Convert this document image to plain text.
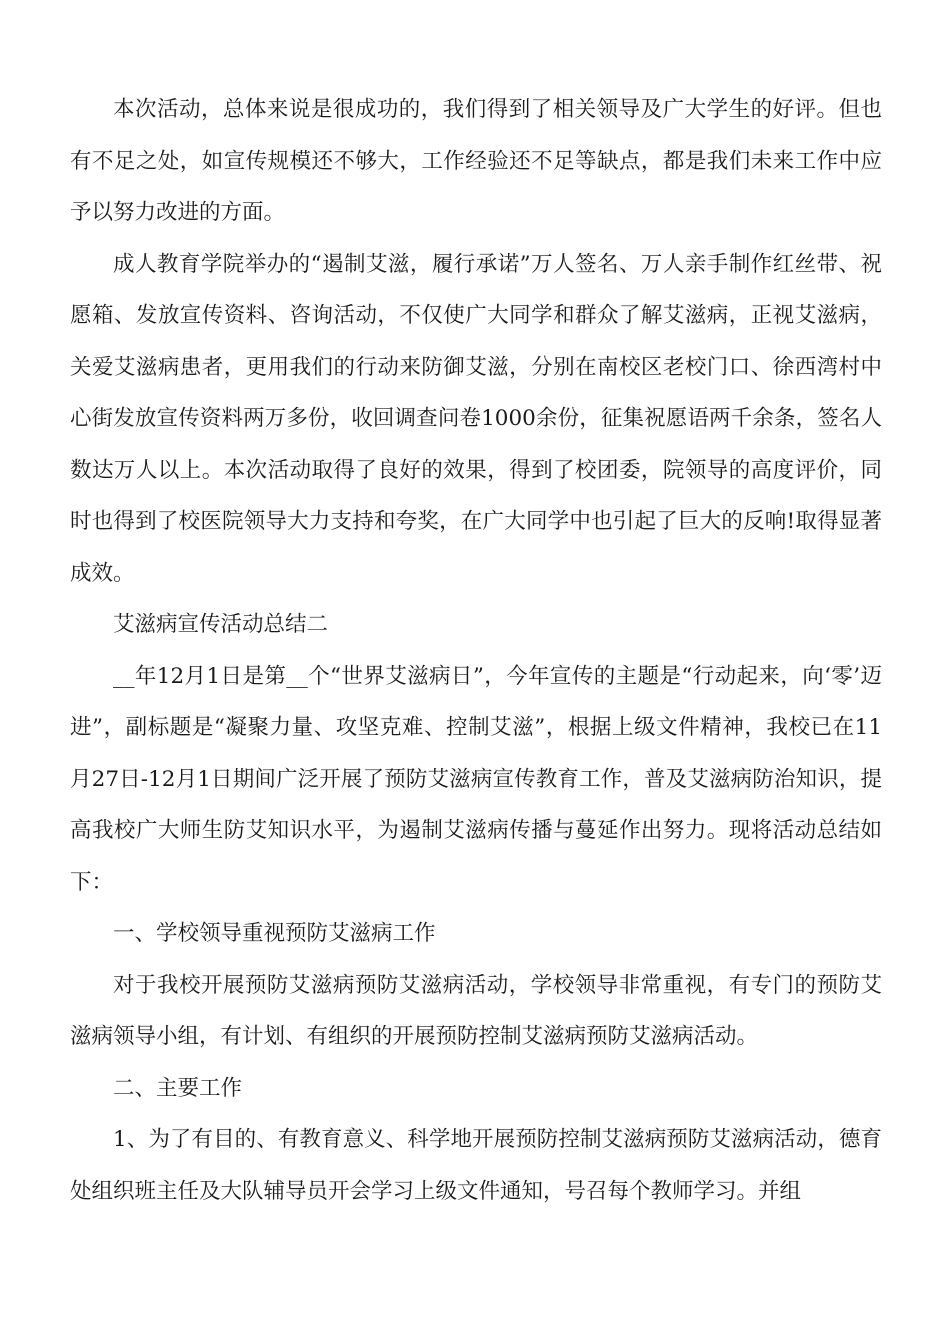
本次活动，总体来说是很成功的，我们得到了相关领导及广大学生的好评。但也有不足之处，如宣传规模还不够大，工作经验还不足等缺点，都是我们未来工作中应予以努力改进的方面。

成人教育学院举办的“遏制艾滋，履行承诺”万人签名、万人亲手制作红丝带、祝愿箱、发放宣传资料、咨询活动，不仅使广大同学和群众了解艾滋病，正视艾滋病，关爱艾滋病患者，更用我们的行动来防御艾滋，分别在南校区老校门口、徐西湾村中心街发放宣传资料两万多份，收回调查问卷1000余份，征集祝愿语两千余条，签名人数达万人以上。本次活动取得了良好的效果，得到了校团委，院领导的高度评价，同时也得到了校医院领导大力支持和夸奖，在广大同学中也引起了巨大的反响!取得显著成效。

艾滋病宣传活动总结二

__年12月1日是第__个“世界艾滋病日”，今年宣传的主题是“行动起来，向‘零’迈进”，副标题是“凝聚力量、攻坚克难、控制艾滋”，根据上级文件精神，我校已在11月27日-12月1日期间广泛开展了预防艾滋病宣传教育工作，普及艾滋病防治知识，提高我校广大师生防艾知识水平，为遏制艾滋病传播与蔓延作出努力。现将活动总结如下：

一、学校领导重视预防艾滋病工作

对于我校开展预防艾滋病预防艾滋病活动，学校领导非常重视，有专门的预防艾滋病领导小组，有计划、有组织的开展预防控制艾滋病预防艾滋病活动。

二、主要工作

1、为了有目的、有教育意义、科学地开展预防控制艾滋病预防艾滋病活动，德育处组织班主任及大队辅导员开会学习上级文件通知，号召每个教师学习。并组
